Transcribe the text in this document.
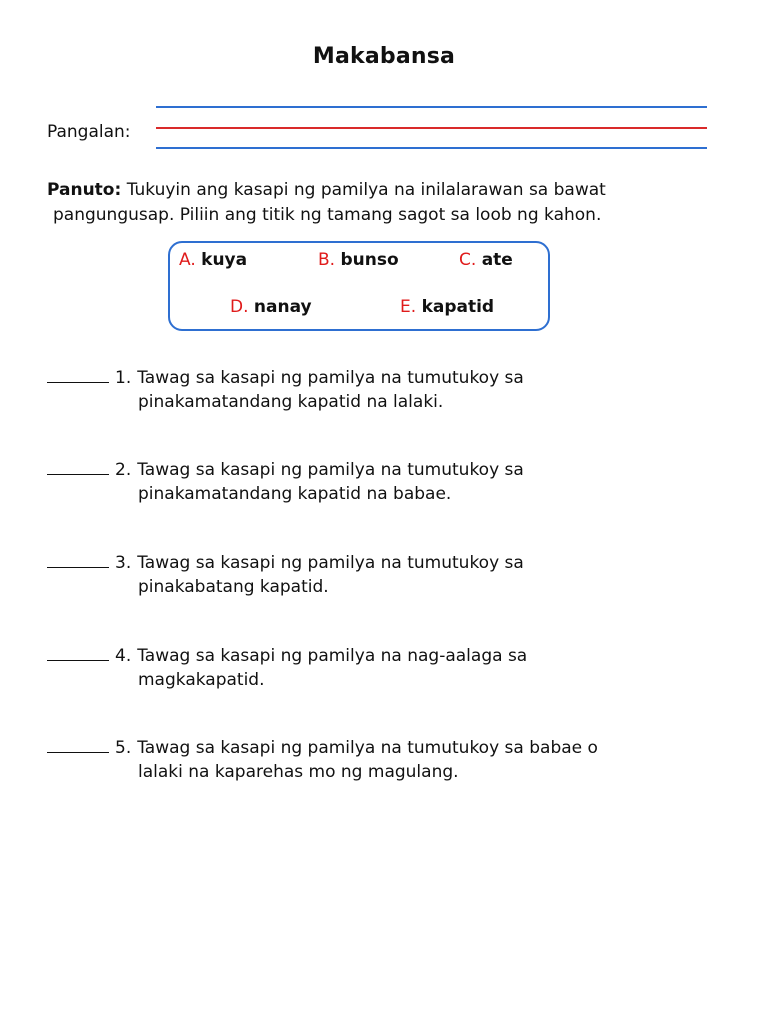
Makabansa
Pangalan:
Panuto: Tukuyin ang kasapi ng pamilya na inilalarawan sa bawat
pangungusap. Piliin ang titik ng tamang sagot sa loob ng kahon.
A. kuya	B. bunso	C. ate
D. nanay	E. kapatid
1. Tawag sa kasapi ng pamilya na tumutukoy sa
pinakamatandang kapatid na lalaki.
2. Tawag sa kasapi ng pamilya na tumutukoy sa
pinakamatandang kapatid na babae.
3. Tawag sa kasapi ng pamilya na tumutukoy sa
pinakabatang kapatid.
4. Tawag sa kasapi ng pamilya na nag-aalaga sa
magkakapatid.
5. Tawag sa kasapi ng pamilya na tumutukoy sa babae o
lalaki na kaparehas mo ng magulang.
